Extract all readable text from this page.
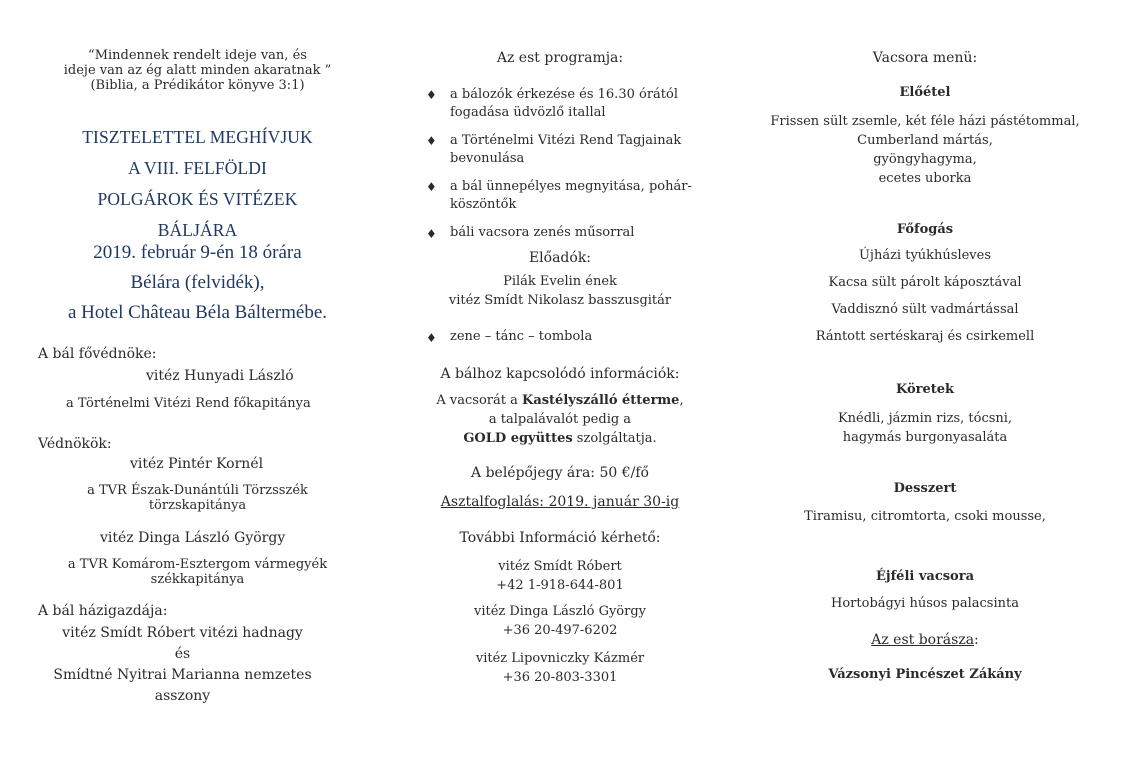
“Mindennek rendelt ideje van, és
ideje van az ég alatt minden akaratnak ”
(Biblia, a Prédikátor könyve 3:1)
TISZTELETTEL MEGHÍVJUK
A VIII. FELFÖLDI
POLGÁROK ÉS VITÉZEK
BÁLJÁRA
2019. február 9-én 18 órára
Bélára (felvidék),
a Hotel Château Béla Báltermébe.
A bál fővédnöke:
vitéz Hunyadi László
a Történelmi Vitézi Rend főkapitánya
Védnökök:
vitéz Pintér Kornél
a TVR Észak-Dunántúli Törzsszék
törzskapitánya
vitéz Dinga László György
a TVR Komárom-Esztergom vármegyék
székkapitánya
A bál házigazdája:
vitéz Smídt Róbert vitézi hadnagy
és
Smídtné Nyitrai Marianna nemzetes
asszony
Az est programja:
♦ a bálozók érkezése és 16.30 órától
fogadása üdvözlő itallal
♦ a Történelmi Vitézi Rend Tagjainak
bevonulása
♦ a bál ünnepélyes megnyitása, pohár-
köszöntők
♦ báli vacsora zenés műsorral
Előadók:
Pilák Evelin ének
vitéz Smídt Nikolasz basszusgitár
♦ zene – tánc – tombola
A bálhoz kapcsolódó információk:
A vacsorát a Kastélyszálló étterme,
a talpalávalót pedig a
GOLD együttes szolgáltatja.
A belépőjegy ára: 50 €/fő
Asztalfoglalás: 2019. január 30-ig
További Információ kérhető:
vitéz Smídt Róbert
+42 1-918-644-801
vitéz Dinga László György
+36 20-497-6202
vitéz Lipovniczky Kázmér
+36 20-803-3301
Vacsora menü:
Előétel
Frissen sült zsemle, két féle házi pástétommal,
Cumberland mártás,
gyöngyhagyma,
ecetes uborka
Főfogás
Újházi tyúkhúsleves
Kacsa sült párolt káposztával
Vaddisznó sült vadmártással
Rántott sertéskaraj és csirkemell
Köretek
Knédli, jázmin rizs, tócsni,
hagymás burgonyasaláta
Desszert
Tiramisu, citromtorta, csoki mousse,
Éjféli vacsora
Hortobágyi húsos palacsinta
Az est borásza:
Vázsonyi Pincészet Zákány
